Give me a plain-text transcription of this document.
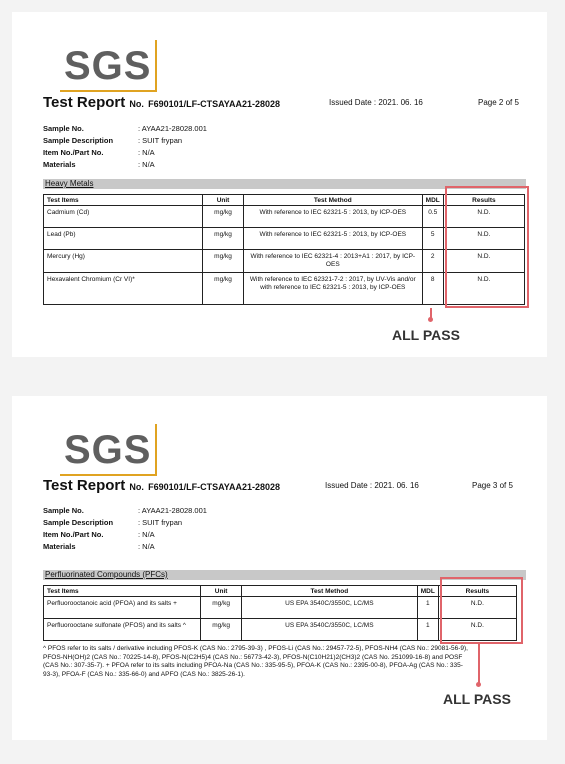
SGS
Test Report No. F690101/LF-CTSAYAA21-28028	Issued Date : 2021. 06. 16	Page 2 of 5
Sample No.	: AYAA21-28028.001
Sample Description	: SUIT frypan
Item No./Part No.	: N/A
Materials	: N/A
Heavy Metals
Test Items	Unit	Test Method	MDL	Results
Cadmium (Cd)	mg/kg	With reference to IEC 62321-5 : 2013, by ICP-OES	0.5	N.D.
Lead (Pb)	mg/kg	With reference to IEC 62321-5 : 2013, by ICP-OES	5	N.D.
Mercury (Hg)	mg/kg	With reference to IEC 62321-4 : 2013+A1 : 2017, by ICP-OES	2	N.D.
Hexavalent Chromium (Cr VI)*	mg/kg	With reference to IEC 62321-7-2 : 2017, by UV-Vis and/or with reference to IEC 62321-5 : 2013, by ICP-OES	8	N.D.
ALL PASS
SGS
Test Report No. F690101/LF-CTSAYAA21-28028	Issued Date : 2021. 06. 16	Page 3 of 5
Sample No.	: AYAA21-28028.001
Sample Description	: SUIT frypan
Item No./Part No.	: N/A
Materials	: N/A
Perfluorinated Compounds (PFCs)
Test Items	Unit	Test Method	MDL	Results
Perfluorooctanoic acid (PFOA) and its salts +	mg/kg	US EPA 3540C/3550C, LC/MS	1	N.D.
Perfluorooctane sulfonate (PFOS) and its salts ^	mg/kg	US EPA 3540C/3550C, LC/MS	1	N.D.
^ PFOS refer to its salts / derivative including PFOS-K (CAS No.: 2795-39-3) , PFOS-Li (CAS No.: 29457-72-5), PFOS-NH4 (CAS No.: 29081-56-9), PFOS-NH(OH)2 (CAS No.: 70225-14-8), PFOS-N(C2H5)4 (CAS No.: 56773-42-3), PFOS-N(C10H21)2(CH3)2 (CAS No. 251099-16-8) and POSF (CAS No.: 307-35-7). + PFOA refer to its salts including PFOA-Na (CAS No.: 335-95-5), PFOA-K (CAS No.: 2395-00-8), PFOA-Ag (CAS No.: 335-93-3), PFOA-F (CAS No.: 335-66-0) and APFO (CAS No.: 3825-26-1).
ALL PASS
